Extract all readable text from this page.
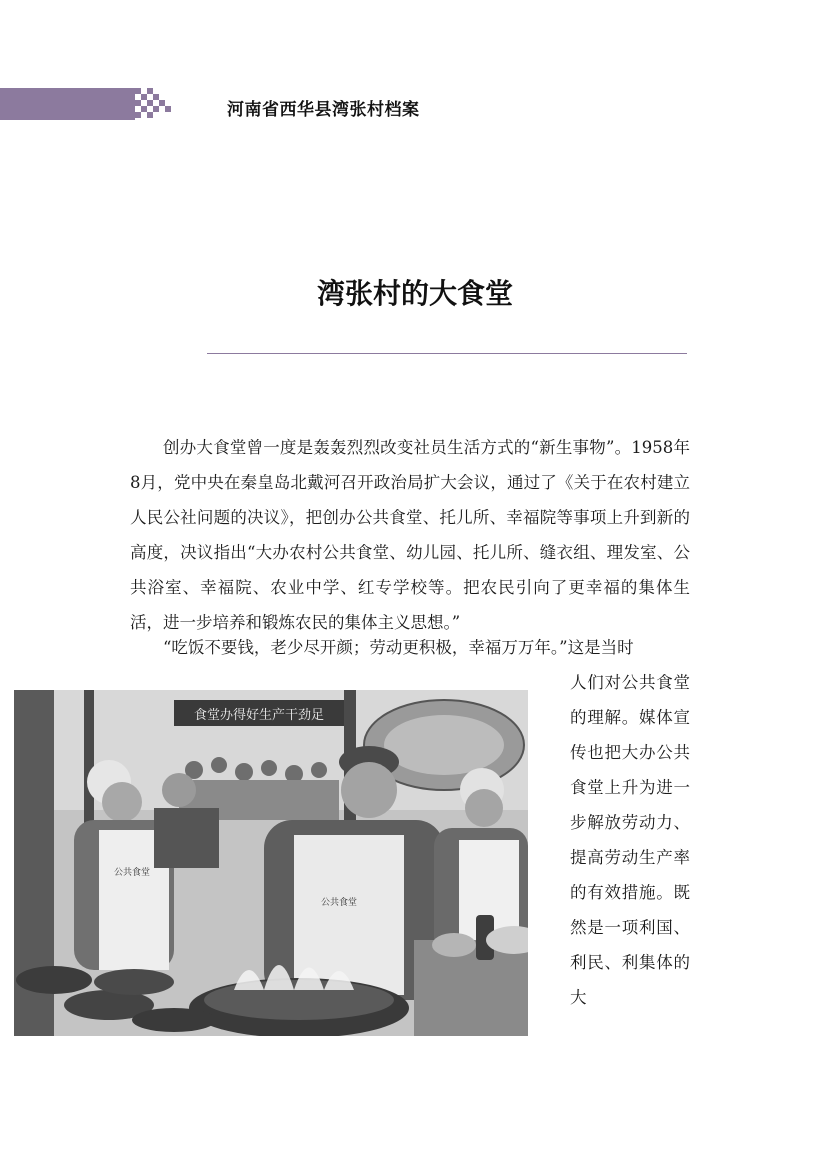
河南省西华县湾张村档案
湾张村的大食堂

创办大食堂曾一度是轰轰烈烈改变社员生活方式的“新生事物”。1958年8月，党中央在秦皇岛北戴河召开政治局扩大会议，通过了《关于在农村建立人民公社问题的决议》，把创办公共食堂、托儿所、幸福院等事项上升到新的高度，决议指出“大办农村公共食堂、幼儿园、托儿所、缝衣组、理发室、公共浴室、幸福院、农业中学、红专学校等。把农民引向了更幸福的集体生活，进一步培养和锻炼农民的集体主义思想。”

“吃饭不要钱，老少尽开颜；劳动更积极，幸福万万年。”这是当时

食堂办得好生产干劲足
公共食堂
公共食堂

人们对公共食堂的理解。媒体宣传也把大办公共食堂上升为进一步解放劳动力、提高劳动生产率的有效措施。既然是一项利国、利民、利集体的大
